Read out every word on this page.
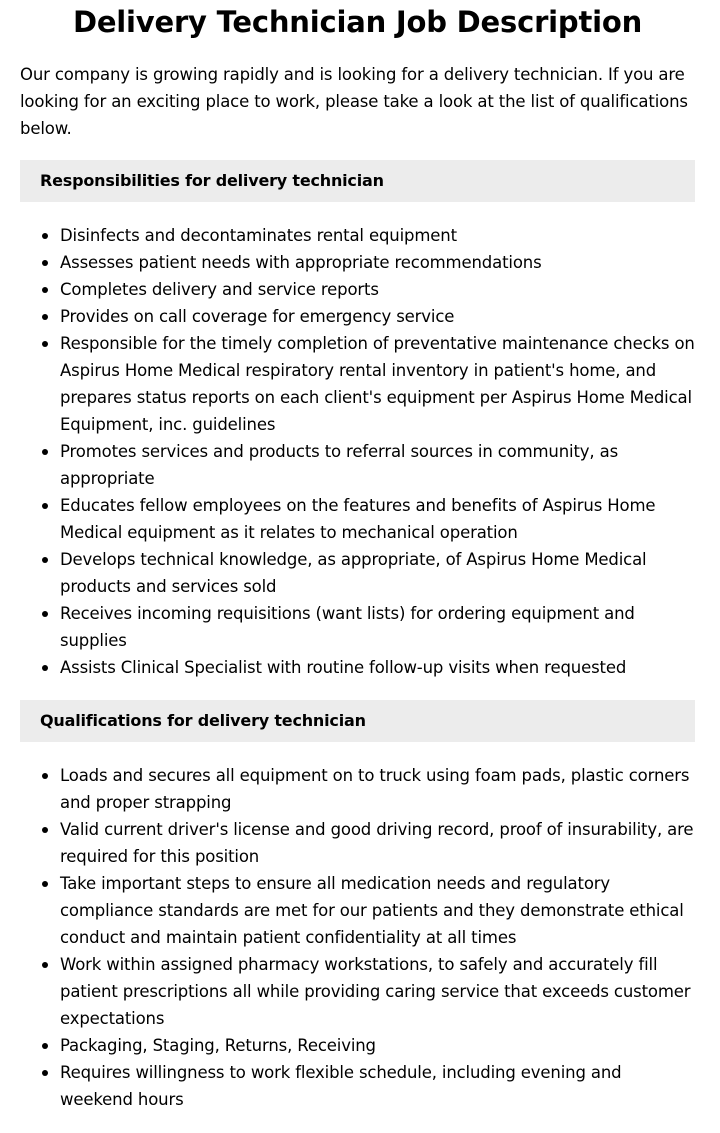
Delivery Technician Job Description

Our company is growing rapidly and is looking for a delivery technician. If you are looking for an exciting place to work, please take a look at the list of qualifications below.

Responsibilities for delivery technician
Disinfects and decontaminates rental equipment
Assesses patient needs with appropriate recommendations
Completes delivery and service reports
Provides on call coverage for emergency service
Responsible for the timely completion of preventative maintenance checks on Aspirus Home Medical respiratory rental inventory in patient's home, and prepares status reports on each client's equipment per Aspirus Home Medical Equipment, inc. guidelines
Promotes services and products to referral sources in community, as appropriate
Educates fellow employees on the features and benefits of Aspirus Home Medical equipment as it relates to mechanical operation
Develops technical knowledge, as appropriate, of Aspirus Home Medical products and services sold
Receives incoming requisitions (want lists) for ordering equipment and supplies
Assists Clinical Specialist with routine follow-up visits when requested
Qualifications for delivery technician
Loads and secures all equipment on to truck using foam pads, plastic corners and proper strapping
Valid current driver's license and good driving record, proof of insurability, are required for this position
Take important steps to ensure all medication needs and regulatory compliance standards are met for our patients and they demonstrate ethical conduct and maintain patient confidentiality at all times
Work within assigned pharmacy workstations, to safely and accurately fill patient prescriptions all while providing caring service that exceeds customer expectations
Packaging, Staging, Returns, Receiving
Requires willingness to work flexible schedule, including evening and weekend hours
